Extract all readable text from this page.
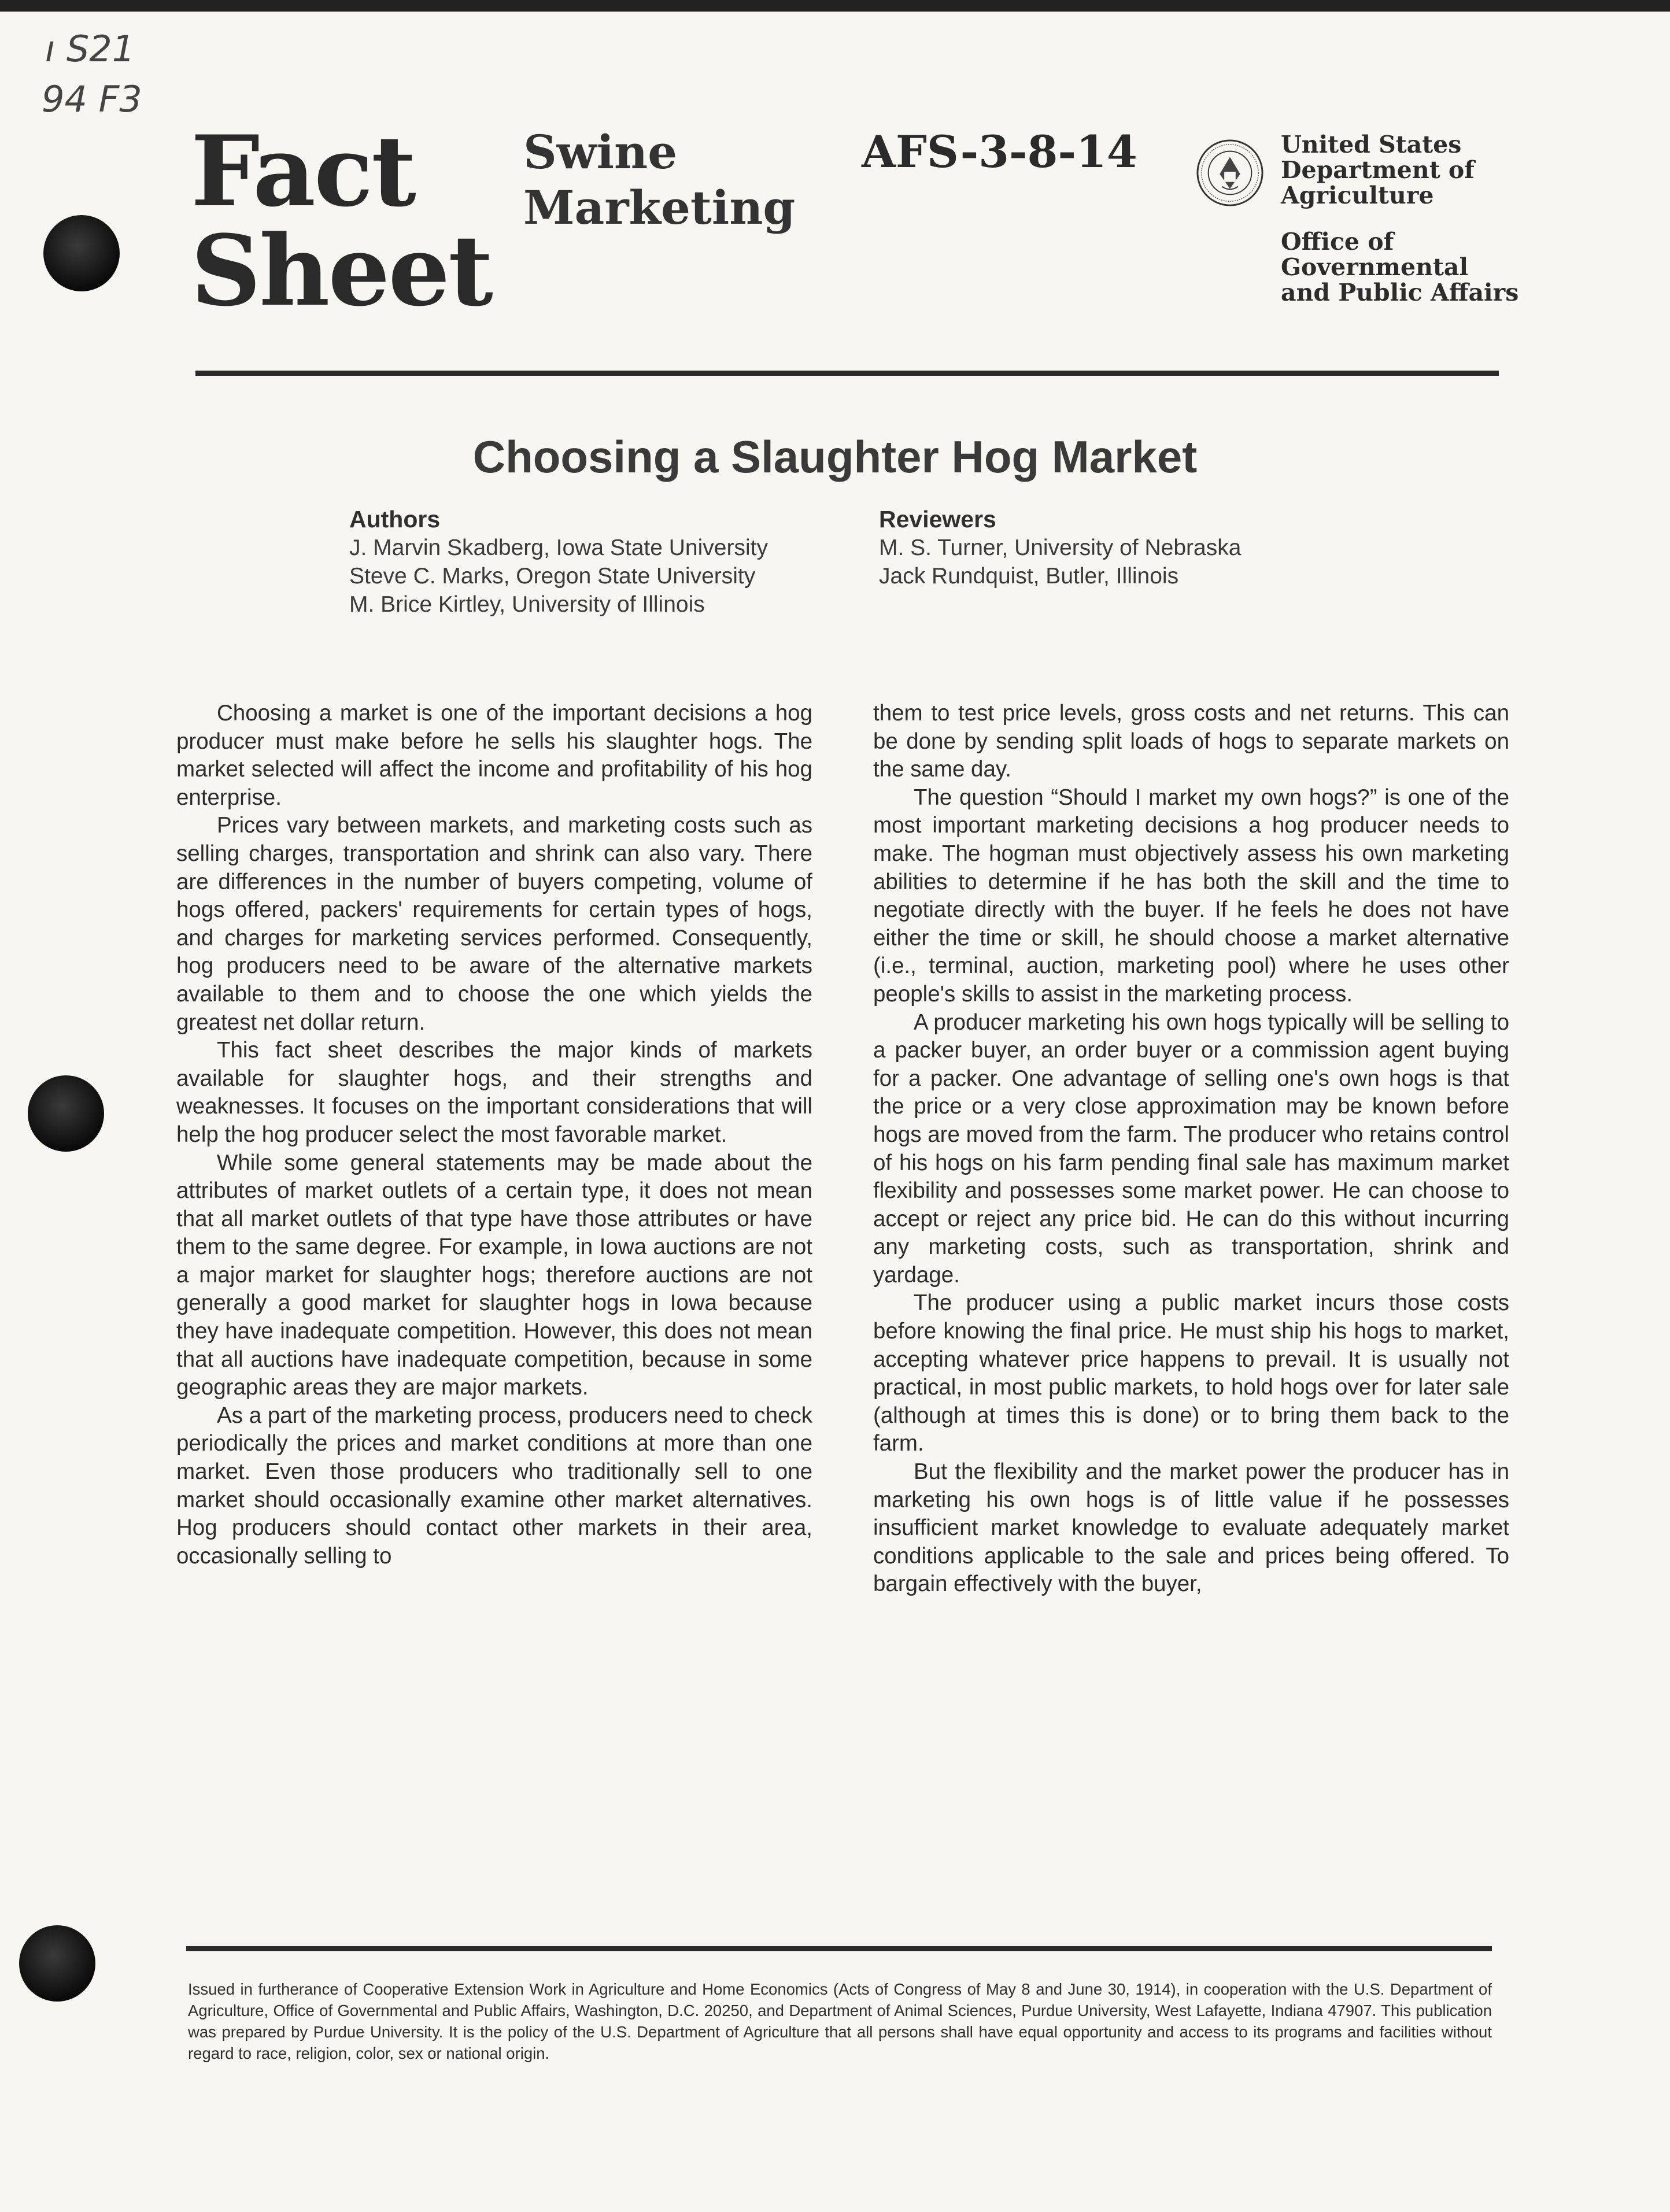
ı S21
94 F3
Fact
Sheet
Swine
Marketing
AFS-3-8-14	United States
Department of
Agriculture
Office of
Governmental
and Public Affairs
Choosing a Slaughter Hog Market
Authors
J. Marvin Skadberg, Iowa State University
Steve C. Marks, Oregon State University
M. Brice Kirtley, University of Illinois
Reviewers
M. S. Turner, University of Nebraska
Jack Rundquist, Butler, Illinois

Choosing a market is one of the important decisions a hog producer must make before he sells his slaughter hogs. The market selected will affect the income and profitability of his hog enterprise.

Prices vary between markets, and marketing costs such as selling charges, transportation and shrink can also vary. There are differences in the number of buyers competing, volume of hogs offered, packers' requirements for certain types of hogs, and charges for marketing services performed. Consequently, hog producers need to be aware of the alternative markets available to them and to choose the one which yields the greatest net dollar return.

This fact sheet describes the major kinds of markets available for slaughter hogs, and their strengths and weaknesses. It focuses on the important considerations that will help the hog producer select the most favorable market.

While some general statements may be made about the attributes of market outlets of a certain type, it does not mean that all market outlets of that type have those attributes or have them to the same degree. For example, in Iowa auctions are not a major market for slaughter hogs; therefore auctions are not generally a good market for slaughter hogs in Iowa because they have inadequate competition. However, this does not mean that all auctions have inadequate competition, because in some geographic areas they are major markets.

As a part of the marketing process, producers need to check periodically the prices and market conditions at more than one market. Even those producers who traditionally sell to one market should occasionally examine other market alternatives. Hog producers should contact other markets in their area, occasionally selling to

them to test price levels, gross costs and net returns. This can be done by sending split loads of hogs to separate markets on the same day.

The question “Should I market my own hogs?” is one of the most important marketing decisions a hog producer needs to make. The hogman must objectively assess his own marketing abilities to determine if he has both the skill and the time to negotiate directly with the buyer. If he feels he does not have either the time or skill, he should choose a market alternative (i.e., terminal, auction, marketing pool) where he uses other people's skills to assist in the marketing process.

A producer marketing his own hogs typically will be selling to a packer buyer, an order buyer or a commission agent buying for a packer. One advantage of selling one's own hogs is that the price or a very close approximation may be known before hogs are moved from the farm. The producer who retains control of his hogs on his farm pending final sale has maximum market flexibility and possesses some market power. He can choose to accept or reject any price bid. He can do this without incurring any marketing costs, such as transportation, shrink and yardage.

The producer using a public market incurs those costs before knowing the final price. He must ship his hogs to market, accepting whatever price happens to prevail. It is usually not practical, in most public markets, to hold hogs over for later sale (although at times this is done) or to bring them back to the farm.

But the flexibility and the market power the producer has in marketing his own hogs is of little value if he possesses insufficient market knowledge to evaluate adequately market conditions applicable to the sale and prices being offered. To bargain effectively with the buyer,

Issued in furtherance of Cooperative Extension Work in Agriculture and Home Economics (Acts of Congress of May 8 and June 30, 1914), in cooperation with the U.S. Department of Agriculture, Office of Governmental and Public Affairs, Washington, D.C. 20250, and Department of Animal Sciences, Purdue University, West Lafayette, Indiana 47907. This publication was prepared by Purdue University. It is the policy of the U.S. Department of Agriculture that all persons shall have equal opportunity and access to its programs and facilities without regard to race, religion, color, sex or national origin.
